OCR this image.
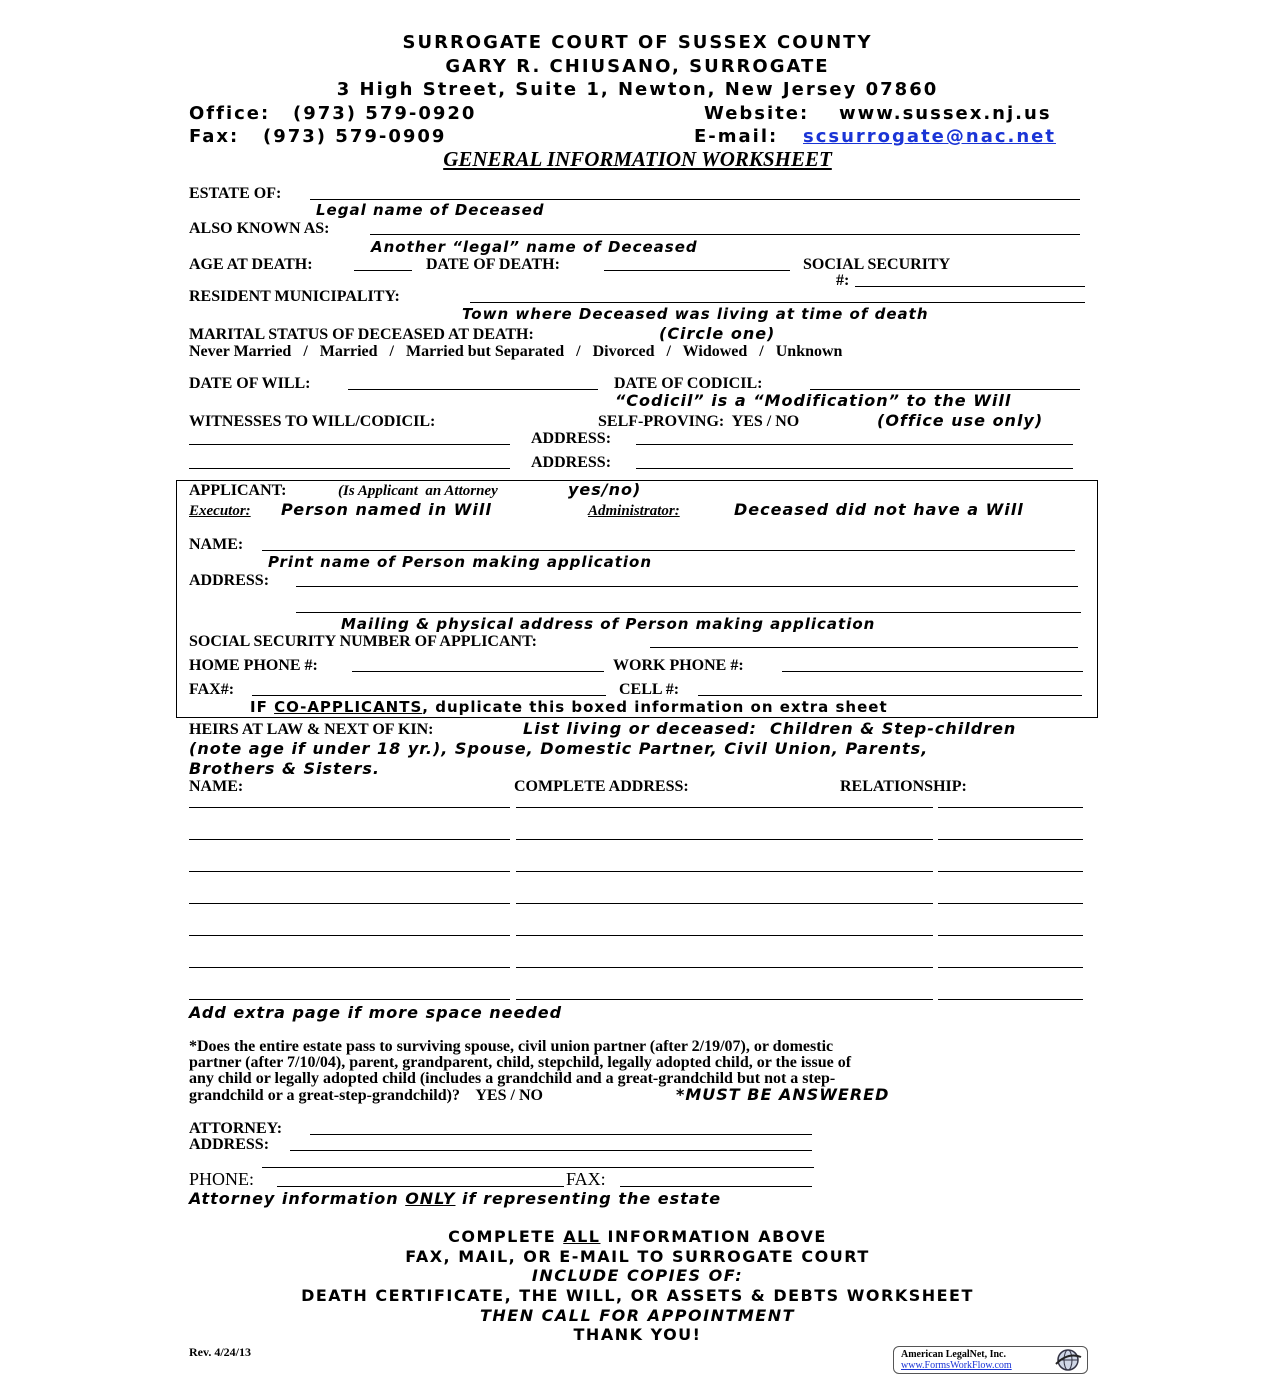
SURROGATE COURT OF SUSSEX COUNTY
GARY R. CHIUSANO, SURROGATE
3 High Street, Suite 1, Newton, New Jersey 07860
Office: (973) 579-0920	Website: www.sussex.nj.us
Fax: (973) 579-0909	E-mail: scsurrogate@nac.net
GENERAL INFORMATION WORKSHEET
ESTATE OF:
Legal name of Deceased
ALSO KNOWN AS:
Another “legal” name of Deceased
AGE AT DEATH:	DATE OF DEATH:	SOCIAL SECURITY
#:
RESIDENT MUNICIPALITY:
Town where Deceased was living at time of death
MARITAL STATUS OF DECEASED AT DEATH:	(Circle one)
Never Married   /   Married   /   Married but Separated   /   Divorced   /   Widowed   /   Unknown
DATE OF WILL:	DATE OF CODICIL:
“Codicil” is a “Modification” to the Will
WITNESSES TO WILL/CODICIL:	SELF-PROVING:  YES / NO	(Office use only)
ADDRESS:
ADDRESS:
APPLICANT:	(Is Applicant  an Attorney	yes/no)
Executor: Person named in Will	Administrator:	Deceased did not have a Will
NAME:
Print name of Person making application
ADDRESS:
Mailing & physical address of Person making application
SOCIAL SECURITY NUMBER OF APPLICANT:
HOME PHONE #:	WORK PHONE #:
FAX#:	CELL #:
IF CO-APPLICANTS, duplicate this boxed information on extra sheet
HEIRS AT LAW & NEXT OF KIN:	List living or deceased:  Children & Step-children
(note age if under 18 yr.), Spouse, Domestic Partner, Civil Union, Parents,
Brothers & Sisters.
NAME:	COMPLETE ADDRESS:	RELATIONSHIP:
Add extra page if more space needed
*Does the entire estate pass to surviving spouse, civil union partner (after 2/19/07), or domestic
partner (after 7/10/04), parent, grandparent, child, stepchild, legally adopted child, or the issue of
any child or legally adopted child (includes a grandchild and a great-grandchild but not a step-
grandchild or a great-step-grandchild)?    YES / NO	*MUST BE ANSWERED
ATTORNEY:
ADDRESS:
PHONE:	FAX:
Attorney information ONLY if representing the estate
COMPLETE ALL INFORMATION ABOVE
FAX, MAIL, OR E-MAIL TO SURROGATE COURT
INCLUDE COPIES OF:
DEATH CERTIFICATE, THE WILL, OR ASSETS & DEBTS WORKSHEET
THEN CALL FOR APPOINTMENT
THANK YOU!
Rev. 4/24/13	American LegalNet, Inc.
www.FormsWorkFlow.com
